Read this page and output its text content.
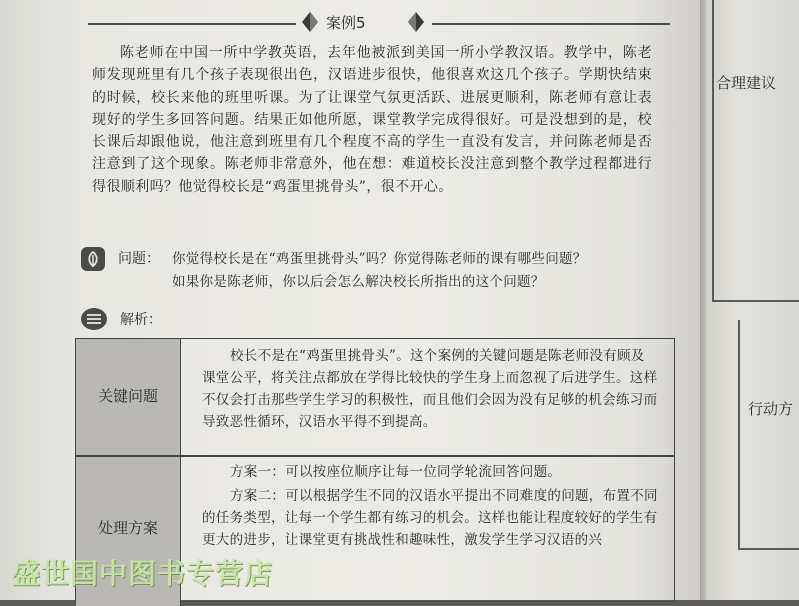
案例5
陈老师在中国一所中学教英语，去年他被派到美国一所小学教汉语。教学中，陈老师发现班里有几个孩子表现很出色，汉语进步很快，他很喜欢这几个孩子。学期快结束的时候，校长来他的班里听课。为了让课堂气氛更活跃、进展更顺利，陈老师有意让表现好的学生多回答问题。结果正如他所愿，课堂教学完成得很好。可是没想到的是，校长课后却跟他说，他注意到班里有几个程度不高的学生一直没有发言，并问陈老师是否注意到了这个现象。陈老师非常意外，他在想：难道校长没注意到整个教学过程都进行得很顺利吗？他觉得校长是“鸡蛋里挑骨头”，很不开心。
问题： 你觉得校长是在“鸡蛋里挑骨头”吗？你觉得陈老师的课有哪些问题？
如果你是陈老师，你以后会怎么解决校长所指出的这个问题？
解析：
关键问题
校长不是在“鸡蛋里挑骨头”。这个案例的关键问题是陈老师没有顾及课堂公平，将关注点都放在学得比较快的学生身上而忽视了后进学生。这样不仅会打击那些学生学习的积极性，而且他们会因为没有足够的机会练习而导致恶性循环，汉语水平得不到提高。
处理方案
方案一：可以按座位顺序让每一位同学轮流回答问题。
方案二：可以根据学生不同的汉语水平提出不同难度的问题，布置不同的任务类型，让每一个学生都有练习的机会。这样也能让程度较好的学生有更大的进步，让课堂更有挑战性和趣味性，激发学生学习汉语的兴
合理建议
行动方
盛世国中图书专营店
